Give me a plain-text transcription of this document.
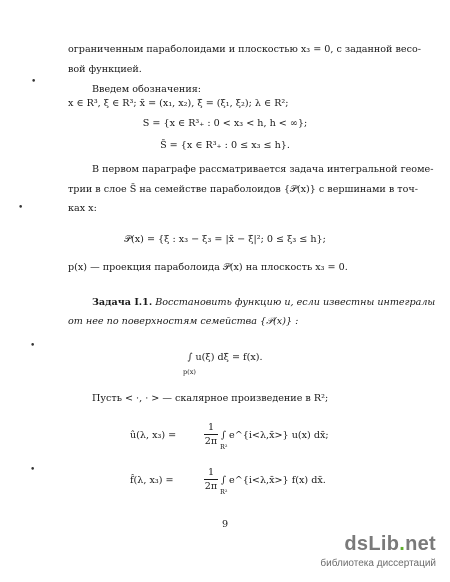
ограниченным параболоидами и плоскостью x₃ = 0, с заданной весо-
вой функцией.
•
Введем обозначения:
x ∈ R³, ξ ∈ R³; x̄ = (x₁, x₂), ξ̄ = (ξ₁, ξ₂); λ ∈ R²;
S = {x ∈ R³₊ : 0 < x₃ < h, h < ∞};
S̄ = {x ∈ R³₊ : 0 ≤ x₃ ≤ h}.
В первом параграфе рассматривается задача интегральной геоме-
трии в слое S̄ на семействе параболоидов {𝒫(x)} с вершинами в точ-
•	ках x:
𝒫(x) = {ξ : x₃ − ξ₃ = |x̄ − ξ̄|²; 0 ≤ ξ₃ ≤ h};
p(x) — проекция параболоида 𝒫(x) на плоскость x₃ = 0.
Задача I.1. Восстановить функцию u, если известны интегралы
от нее по поверхностям семейства {𝒫(x)} :
•
∫ u(ξ) dξ̄ = f(x).
p(x)
Пусть < ·, · > — скалярное произведение в R²;
û(λ, x₃) =
1
2π
∫ e^{i<λ,x̄>} u(x) dx̄;
R²
•
f̂(λ, x₃) =
1
2π
∫ e^{i<λ,x̄>} f(x) dx̄.
R²
9
dsLib.net
библиотека диссертаций
